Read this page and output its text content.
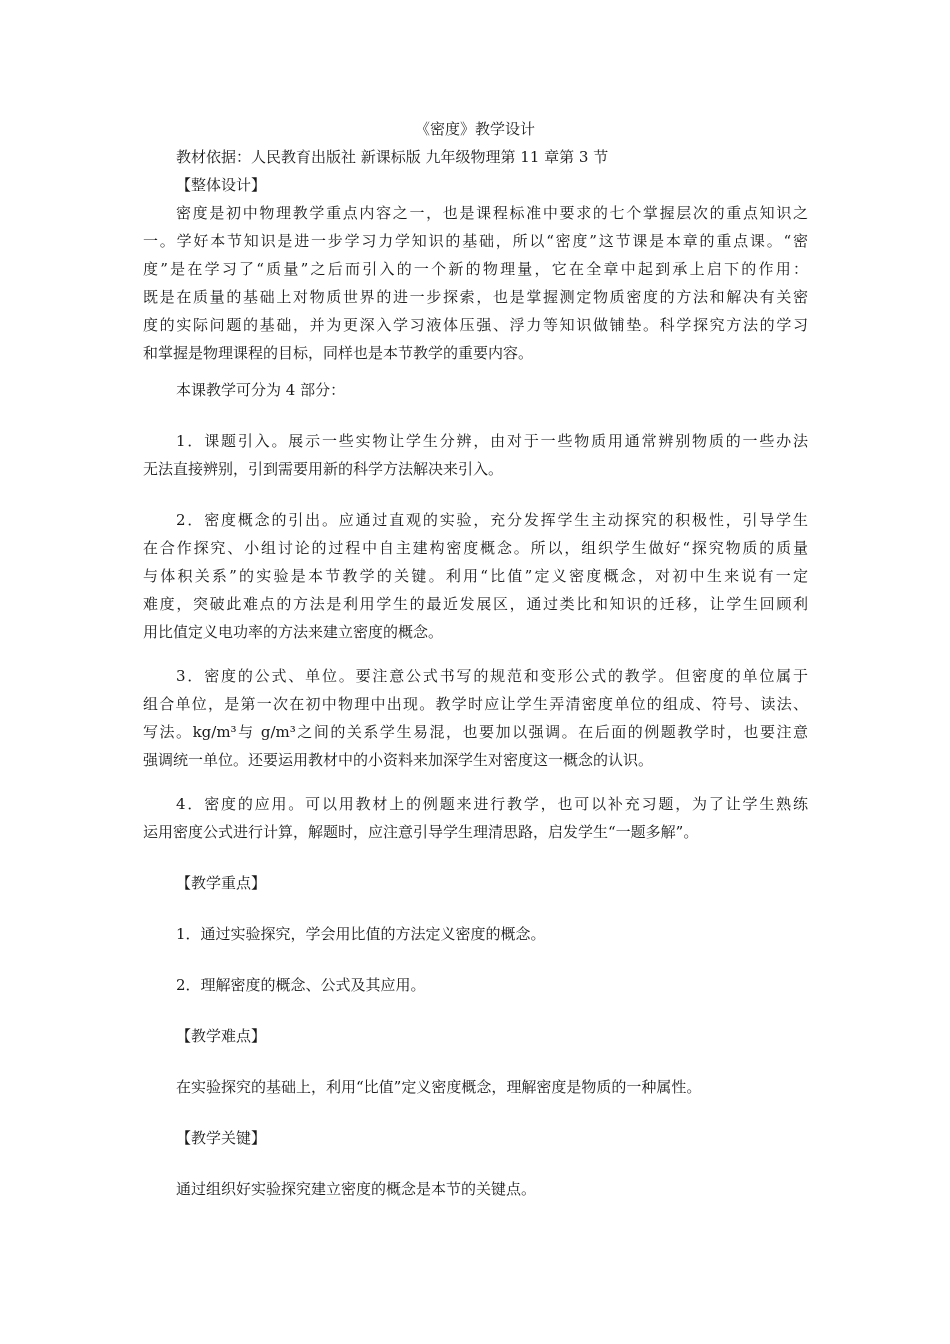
《密度》教学设计
教材依据：人民教育出版社 新课标版 九年级物理第 11 章第 3 节
【整体设计】
密度是初中物理教学重点内容之一，也是课程标准中要求的七个掌握层次的重点知识之
一。学好本节知识是进一步学习力学知识的基础，所以“密度”这节课是本章的重点课。“密
度”是在学习了“质量”之后而引入的一个新的物理量，它在全章中起到承上启下的作用：
既是在质量的基础上对物质世界的进一步探索，也是掌握测定物质密度的方法和解决有关密
度的实际问题的基础，并为更深入学习液体压强、浮力等知识做铺垫。科学探究方法的学习
和掌握是物理课程的目标，同样也是本节教学的重要内容。
本课教学可分为 4 部分：
1．课题引入。展示一些实物让学生分辨，由对于一些物质用通常辨别物质的一些办法
无法直接辨别，引到需要用新的科学方法解决来引入。
2．密度概念的引出。应通过直观的实验，充分发挥学生主动探究的积极性，引导学生
在合作探究、小组讨论的过程中自主建构密度概念。所以，组织学生做好“探究物质的质量
与体积关系”的实验是本节教学的关键。利用“比值”定义密度概念，对初中生来说有一定
难度，突破此难点的方法是利用学生的最近发展区，通过类比和知识的迁移，让学生回顾利
用比值定义电功率的方法来建立密度的概念。
3．密度的公式、单位。要注意公式书写的规范和变形公式的教学。但密度的单位属于
组合单位，是第一次在初中物理中出现。教学时应让学生弄清密度单位的组成、符号、读法、
写法。kg/m³与 g/m³之间的关系学生易混，也要加以强调。在后面的例题教学时，也要注意
强调统一单位。还要运用教材中的小资料来加深学生对密度这一概念的认识。
4．密度的应用。可以用教材上的例题来进行教学，也可以补充习题，为了让学生熟练
运用密度公式进行计算，解题时，应注意引导学生理清思路，启发学生“一题多解”。
【教学重点】
1．通过实验探究，学会用比值的方法定义密度的概念。
2．理解密度的概念、公式及其应用。
【教学难点】
在实验探究的基础上，利用“比值”定义密度概念，理解密度是物质的一种属性。
【教学关键】
通过组织好实验探究建立密度的概念是本节的关键点。
